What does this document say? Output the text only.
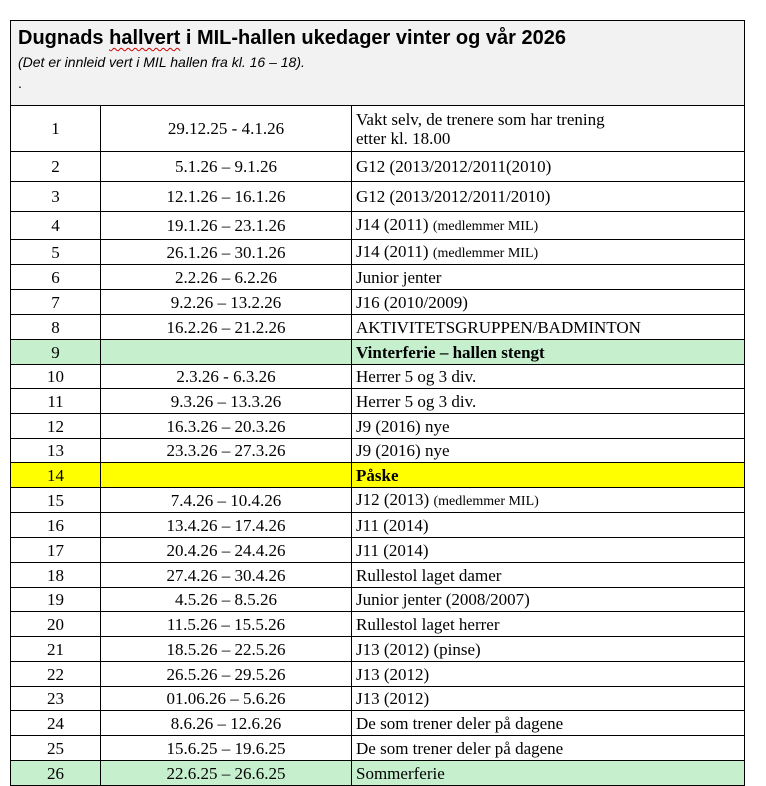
Dugnads hallvert i MIL-hallen ukedager vinter og vår 2026
(Det er innleid vert i MIL hallen fra kl. 16 – 18).
.		

1	29.12.25 - 4.1.26	Vakt selv, de trenere som har trening
etter kl. 18.00

2	5.1.26 – 9.1.26	G12 (2013/2012/2011(2010)
3	12.1.26 – 16.1.26	G12 (2013/2012/2011/2010)
4	19.1.26 – 23.1.26	J14 (2011) (medlemmer MIL)
5	26.1.26 – 30.1.26	J14 (2011) (medlemmer MIL)
6	2.2.26 – 6.2.26	Junior jenter
7	9.2.26 – 13.2.26	J16 (2010/2009)
8	16.2.26 – 21.2.26	AKTIVITETSGRUPPEN/BADMINTON
9		Vinterferie – hallen stengt
10	2.3.26 - 6.3.26	Herrer 5 og 3 div.
11	9.3.26 – 13.3.26	Herrer 5 og 3 div.
12	16.3.26 – 20.3.26	J9 (2016) nye
13	23.3.26 – 27.3.26	J9 (2016) nye
14		Påske
15	7.4.26 – 10.4.26	J12 (2013) (medlemmer MIL)
16	13.4.26 – 17.4.26	J11 (2014)
17	20.4.26 – 24.4.26	J11 (2014)
18	27.4.26 – 30.4.26	Rullestol laget damer
19	4.5.26 – 8.5.26	Junior jenter (2008/2007)
20	11.5.26 – 15.5.26	Rullestol laget herrer
21	18.5.26 – 22.5.26	J13 (2012) (pinse)
22	26.5.26 – 29.5.26	J13 (2012)
23	01.06.26 – 5.6.26	J13 (2012)
24	8.6.26 – 12.6.26	De som trener deler på dagene
25	15.6.25 – 19.6.25	De som trener deler på dagene
26	22.6.25 – 26.6.25	Sommerferie
